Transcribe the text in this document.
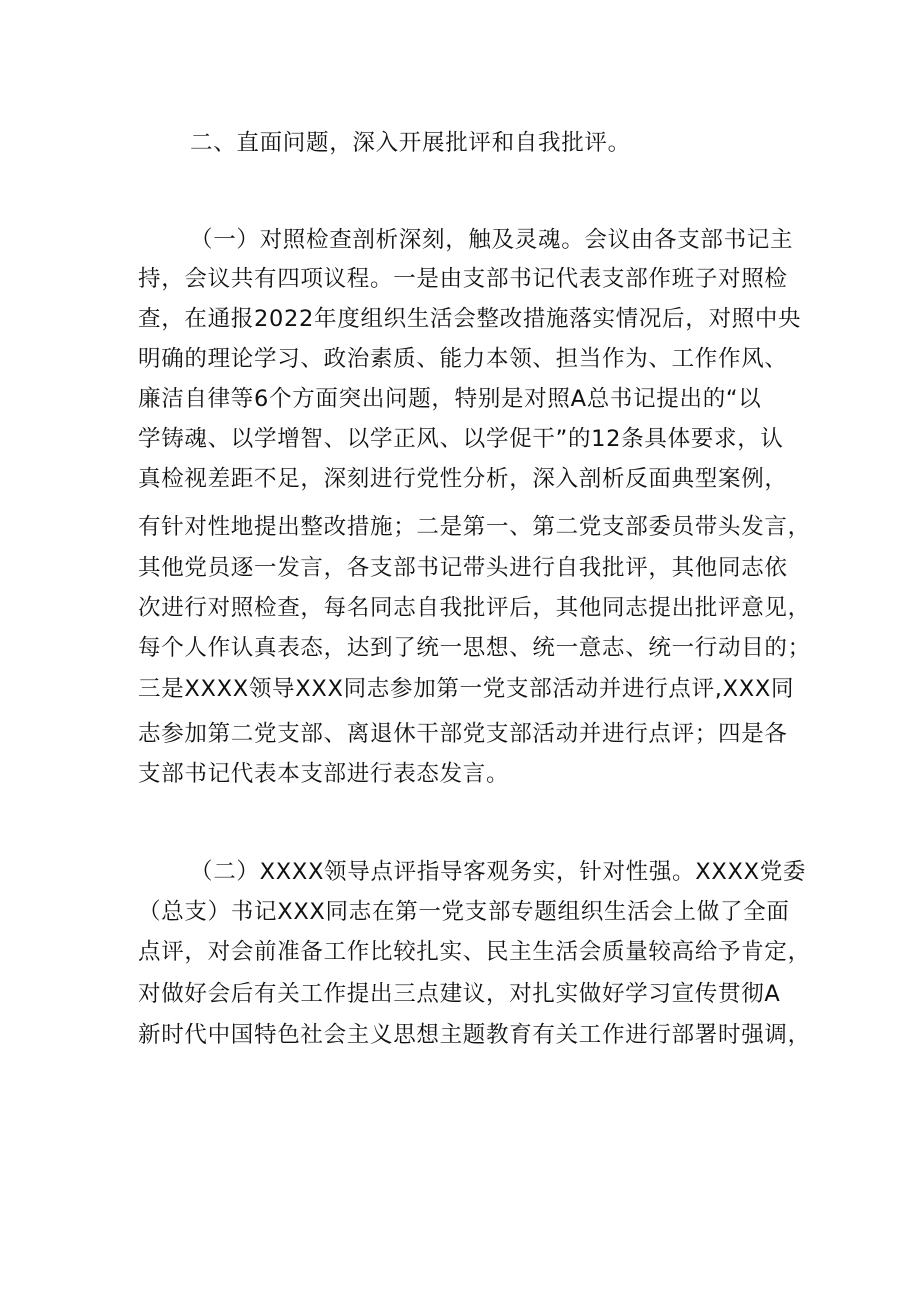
二、直面问题，深入开展批评和自我批评。
（一）对照检查剖析深刻，触及灵魂。会议由各支部书记主
持，会议共有四项议程。一是由支部书记代表支部作班子对照检
查，在通报2022年度组织生活会整改措施落实情况后，对照中央
明确的理论学习、政治素质、能力本领、担当作为、工作作风、
廉洁自律等6个方面突出问题，特别是对照A总书记提出的“以
学铸魂、以学增智、以学正风、以学促干”的12条具体要求，认
真检视差距不足，深刻进行党性分析，深入剖析反面典型案例，
有针对性地提出整改措施；二是第一、第二党支部委员带头发言，
其他党员逐一发言，各支部书记带头进行自我批评，其他同志依
次进行对照检查，每名同志自我批评后，其他同志提出批评意见，
每个人作认真表态，达到了统一思想、统一意志、统一行动目的；
三是XXXX领导XXX同志参加第一党支部活动并进行点评,XXX同
志参加第二党支部、离退休干部党支部活动并进行点评；四是各
支部书记代表本支部进行表态发言。
（二）XXXX领导点评指导客观务实，针对性强。XXXX党委
（总支）书记XXX同志在第一党支部专题组织生活会上做了全面
点评，对会前准备工作比较扎实、民主生活会质量较高给予肯定，
对做好会后有关工作提出三点建议，对扎实做好学习宣传贯彻A
新时代中国特色社会主义思想主题教育有关工作进行部署时强调，
